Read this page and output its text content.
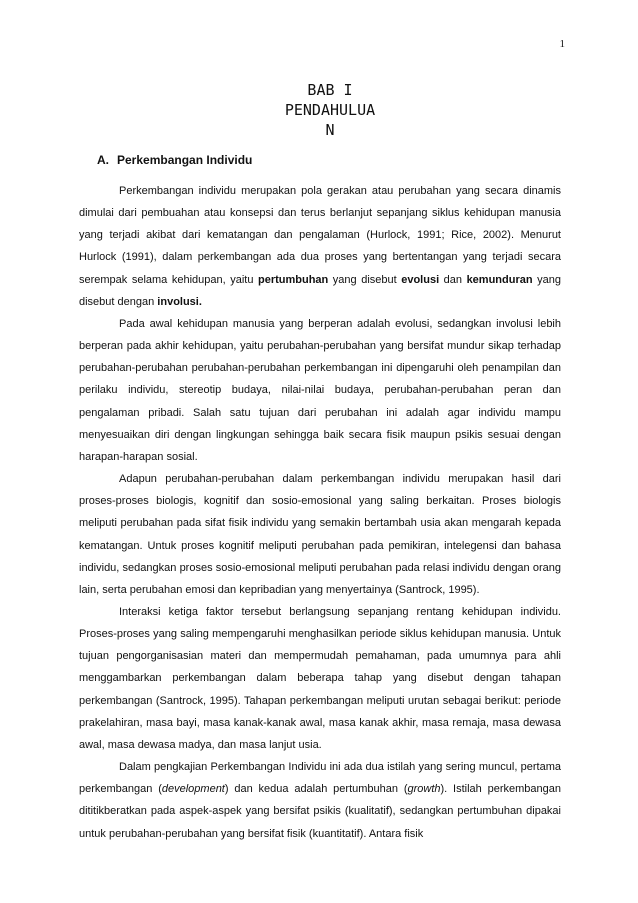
1
BAB I
PENDAHULUA
N
A. Perkembangan Individu

Perkembangan individu merupakan pola gerakan atau perubahan yang secara dinamis dimulai dari pembuahan atau konsepsi dan terus berlanjut sepanjang siklus kehidupan manusia yang terjadi akibat dari kematangan dan pengalaman (Hurlock, 1991; Rice, 2002). Menurut Hurlock (1991), dalam perkembangan ada dua proses yang bertentangan yang terjadi secara serempak selama kehidupan, yaitu pertumbuhan yang disebut evolusi dan kemunduran yang disebut dengan involusi.

Pada awal kehidupan manusia yang berperan adalah evolusi, sedangkan involusi lebih berperan pada akhir kehidupan, yaitu perubahan-perubahan yang bersifat mundur sikap terhadap perubahan-perubahan perubahan-perubahan perkembangan ini dipengaruhi oleh penampilan dan perilaku individu, stereotip budaya, nilai-nilai budaya, perubahan-perubahan peran dan pengalaman pribadi. Salah satu tujuan dari perubahan ini adalah agar individu mampu menyesuaikan diri dengan lingkungan sehingga baik secara fisik maupun psikis sesuai dengan harapan-harapan sosial.

Adapun perubahan-perubahan dalam perkembangan individu merupakan hasil dari proses-proses biologis, kognitif dan sosio-emosional yang saling berkaitan. Proses biologis meliputi perubahan pada sifat fisik individu yang semakin bertambah usia akan mengarah kepada kematangan. Untuk proses kognitif meliputi perubahan pada pemikiran, intelegensi dan bahasa individu, sedangkan proses sosio-emosional meliputi perubahan pada relasi individu dengan orang lain, serta perubahan emosi dan kepribadian yang menyertainya (Santrock, 1995).

Interaksi ketiga faktor tersebut berlangsung sepanjang rentang kehidupan individu. Proses-proses yang saling mempengaruhi menghasilkan periode siklus kehidupan manusia. Untuk tujuan pengorganisasian materi dan mempermudah pemahaman, pada umumnya para ahli menggambarkan perkembangan dalam beberapa tahap yang disebut dengan tahapan perkembangan (Santrock, 1995). Tahapan perkembangan meliputi urutan sebagai berikut: periode prakelahiran, masa bayi, masa kanak-kanak awal, masa kanak akhir, masa remaja, masa dewasa awal, masa dewasa madya, dan masa lanjut usia.

Dalam pengkajian Perkembangan Individu ini ada dua istilah yang sering muncul, pertama perkembangan (development) dan kedua adalah pertumbuhan (growth). Istilah perkembangan dititikberatkan pada aspek-aspek yang bersifat psikis (kualitatif), sedangkan pertumbuhan dipakai untuk perubahan-perubahan yang bersifat fisik (kuantitatif). Antara fisik
